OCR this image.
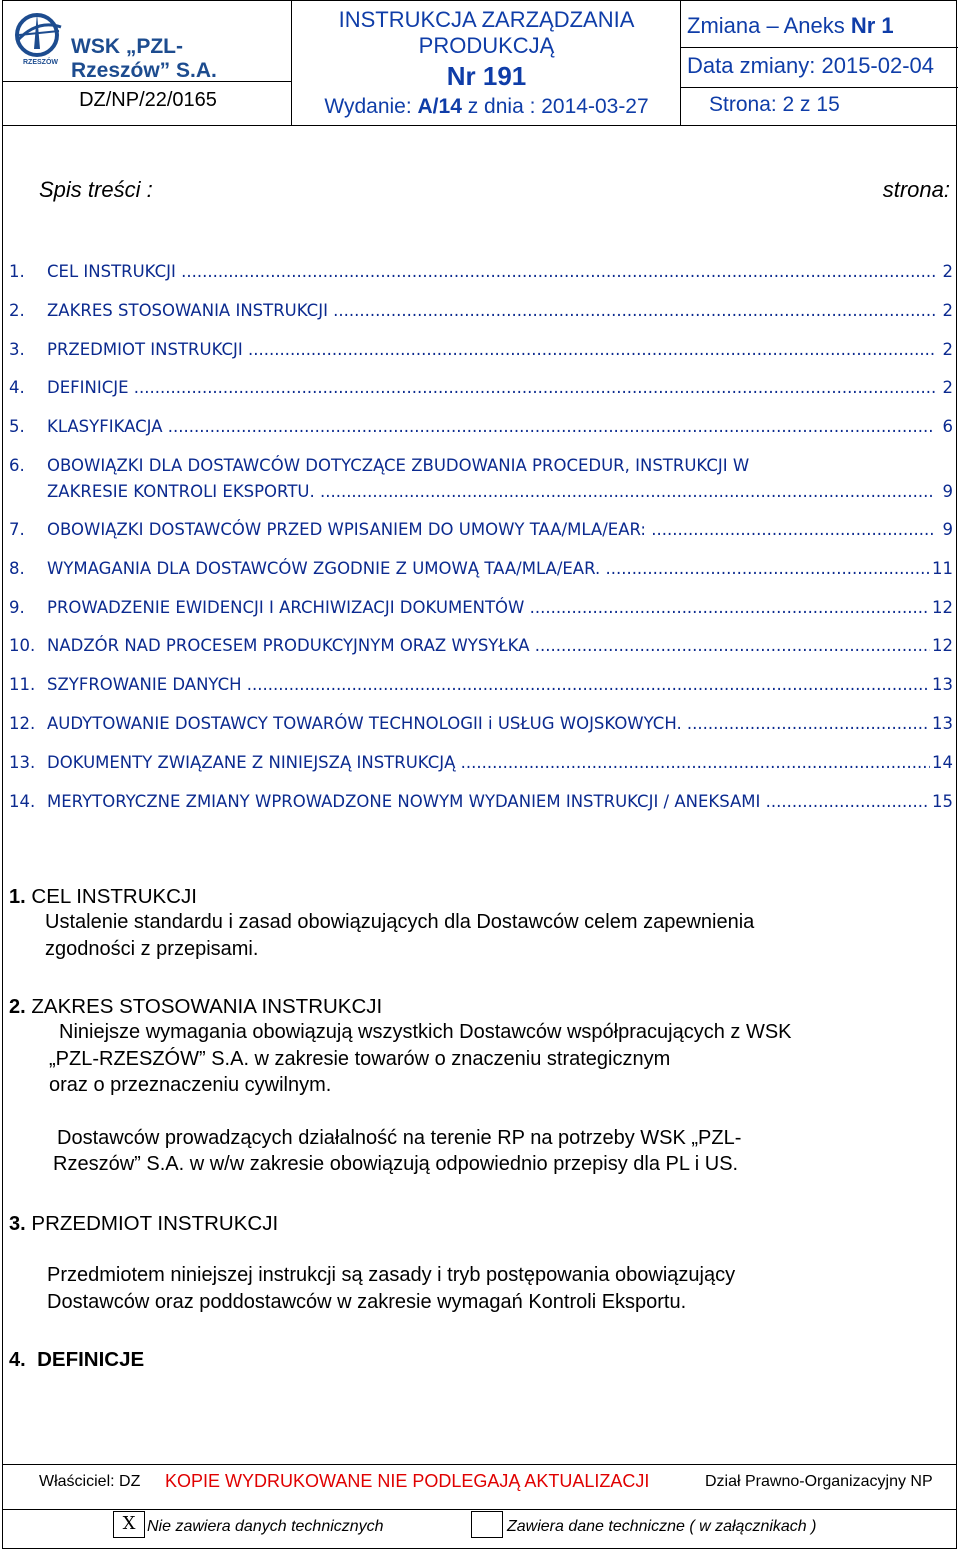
WSK „PZL-Rzeszów” S.A.
RZESZÓW
DZ/NP/22/0165
INSTRUKCJA ZARZĄDZANIA
PRODUKCJĄ
Nr 191
Wydanie: A/14 z dnia : 2014-03-27
Zmiana – Aneks Nr 1
Data zmiany: 2015-02-04
Strona: 2 z 15
Spis treści :	strona:
1. CEL INSTRUKCJI .....	2
2. ZAKRES STOSOWANIA INSTRUKCJI .....	2
3. PRZEDMIOT INSTRUKCJI .....	2
4. DEFINICJE .....	2
5. KLASYFIKACJA .....	6
6. OBOWIĄZKI DLA DOSTAWCÓW DOTYCZĄCE ZBUDOWANIA PROCEDUR, INSTRUKCJI W
ZAKRESIE KONTROLI EKSPORTU. .....	9
7. OBOWIĄZKI DOSTAWCÓW PRZED WPISANIEM DO UMOWY TAA/MLA/EAR: .....	9
8. WYMAGANIA DLA DOSTAWCÓW ZGODNIE Z UMOWĄ TAA/MLA/EAR. .....	11
9. PROWADZENIE EWIDENCJI I ARCHIWIZACJI DOKUMENTÓW .....	12
10. NADZÓR NAD PROCESEM PRODUKCYJNYM ORAZ WYSYŁKA .....	12
11. SZYFROWANIE DANYCH .....	13
12. AUDYTOWANIE DOSTAWCY TOWARÓW TECHNOLOGII i USŁUG WOJSKOWYCH. .....	13
13. DOKUMENTY ZWIĄZANE Z NINIEJSZĄ INSTRUKCJĄ .....	14
14. MERYTORYCZNE ZMIANY WPROWADZONE NOWYM WYDANIEM INSTRUKCJI / ANEKSAMI .....	15
1. CEL INSTRUKCJI
Ustalenie standardu i zasad obowiązujących dla Dostawców celem zapewnienia
zgodności z przepisami.
2. ZAKRES STOSOWANIA INSTRUKCJI
Niniejsze wymagania obowiązują wszystkich Dostawców współpracujących z WSK
„PZL-RZESZÓW” S.A. w zakresie towarów o znaczeniu strategicznym
oraz o przeznaczeniu cywilnym.
Dostawców prowadzących działalność na terenie RP na potrzeby WSK „PZL-
Rzeszów” S.A. w w/w zakresie obowiązują odpowiednio przepisy dla PL i US.
3. PRZEDMIOT INSTRUKCJI
Przedmiotem niniejszej instrukcji są zasady i tryb postępowania obowiązujący
Dostawców oraz poddostawców w zakresie wymagań Kontroli Eksportu.
4. DEFINICJE
Właściciel: DZ KOPIE WYDRUKOWANE NIE PODLEGAJĄ AKTUALIZACJI	Dział Prawno-Organizacyjny NP
X Nie zawiera danych technicznych	Zawiera dane techniczne ( w załącznikach )
